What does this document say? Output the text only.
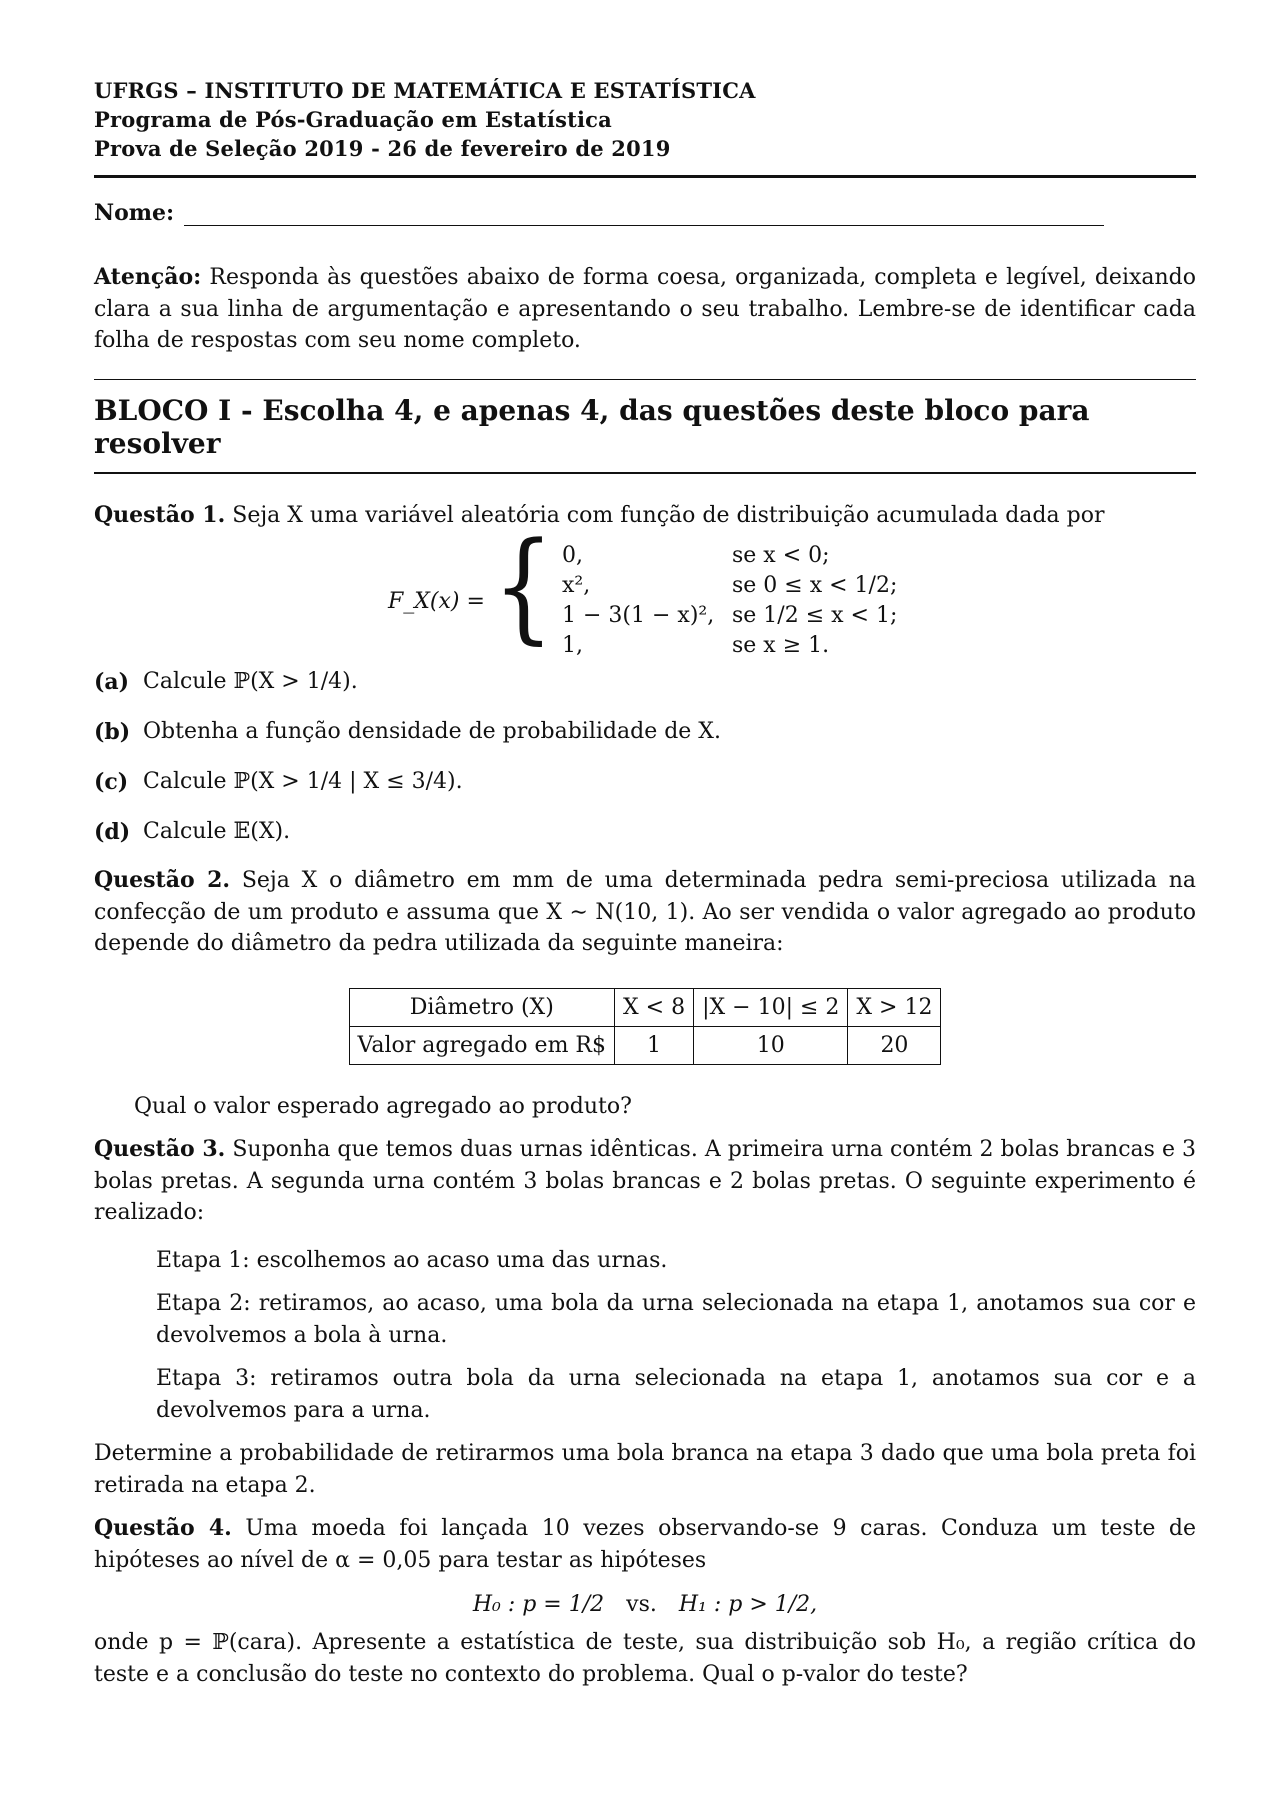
UFRGS – INSTITUTO DE MATEMÁTICA E ESTATÍSTICA
Programa de Pós-Graduação em Estatística
Prova de Seleção 2019 - 26 de fevereiro de 2019
Nome:
Atenção: Responda às questões abaixo de forma coesa, organizada, completa e legível, deixando clara a sua linha de argumentação e apresentando o seu trabalho. Lembre-se de identificar cada folha de respostas com seu nome completo.
BLOCO I - Escolha 4, e apenas 4, das questões deste bloco para resolver
Questão 1. Seja X uma variável aleatória com função de distribuição acumulada dada por
F_X(x) = { 0,	se x < 0;
x²,	se 0 ≤ x < 1/2;
1 − 3(1 − x)², se 1/2 ≤ x < 1;
1,	se x ≥ 1.
(a) Calcule ℙ(X > 1/4).
(b) Obtenha a função densidade de probabilidade de X.
(c) Calcule ℙ(X > 1/4 | X ≤ 3/4).
(d) Calcule 𝔼(X).
Questão 2. Seja X o diâmetro em mm de uma determinada pedra semi-preciosa utilizada na confecção de um produto e assuma que X ∼ N(10, 1). Ao ser vendida o valor agregado ao produto depende do diâmetro da pedra utilizada da seguinte maneira:
Diâmetro (X)	X < 8	|X − 10| ≤ 2	X > 12
Valor agregado em R$	1	10	20
Qual o valor esperado agregado ao produto?
Questão 3. Suponha que temos duas urnas idênticas. A primeira urna contém 2 bolas brancas e 3 bolas pretas. A segunda urna contém 3 bolas brancas e 2 bolas pretas. O seguinte experimento é realizado:
Etapa 1: escolhemos ao acaso uma das urnas.
Etapa 2: retiramos, ao acaso, uma bola da urna selecionada na etapa 1, anotamos sua cor e devolvemos a bola à urna.
Etapa 3: retiramos outra bola da urna selecionada na etapa 1, anotamos sua cor e a devolvemos para a urna.
Determine a probabilidade de retirarmos uma bola branca na etapa 3 dado que uma bola preta foi retirada na etapa 2.
Questão 4. Uma moeda foi lançada 10 vezes observando-se 9 caras. Conduza um teste de hipóteses ao nível de α = 0,05 para testar as hipóteses
H₀ : p = 1/2 vs. H₁ : p > 1/2,
onde p = ℙ(cara). Apresente a estatística de teste, sua distribuição sob H₀, a região crítica do teste e a conclusão do teste no contexto do problema. Qual o p-valor do teste?
